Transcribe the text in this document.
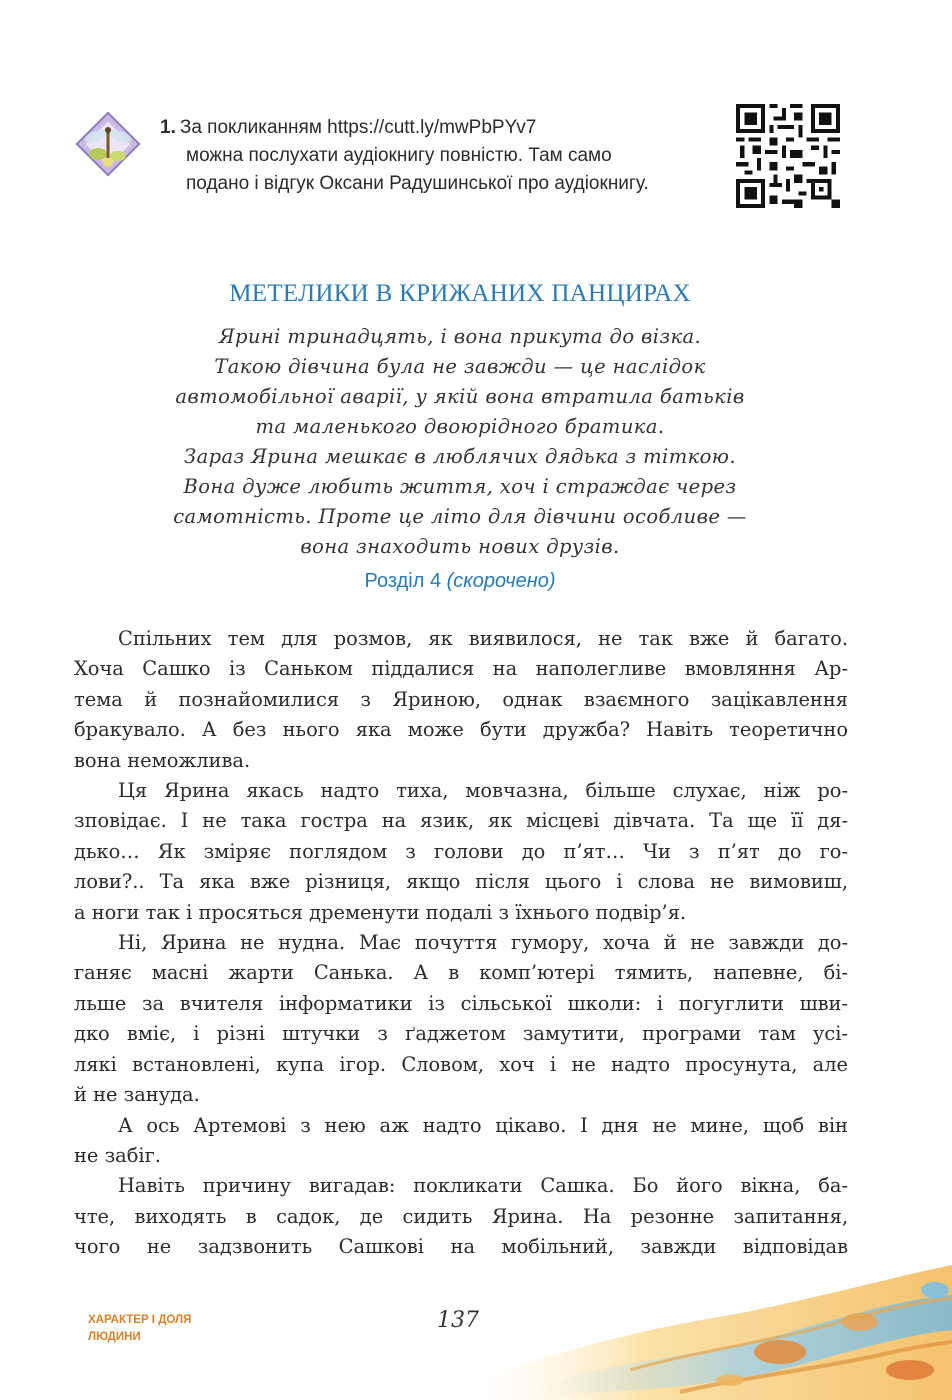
1. За покликанням https://cutt.ly/mwPbPYv7
можна послухати аудіокнигу повністю. Там само
подано і відгук Оксани Радушинської про аудіокнигу.
МЕТЕЛИКИ В КРИЖАНИХ ПАНЦИРАХ
Ярині тринадцять, і вона прикута до візка.
Такою дівчина була не завжди — це наслідок
автомобільної аварії, у якій вона втратила батьків
та маленького двоюрідного братика.
Зараз Ярина мешкає в люблячих дядька з тіткою.
Вона дуже любить життя, хоч і страждає через
самотність. Проте це літо для дівчини особливе —
вона знаходить нових друзів.
Розділ 4 (скорочено)
Спільних тем для розмов, як виявилося, не так вже й багато.
Хоча Сашко із Саньком піддалися на наполегливе вмовляння Ар-
тема й познайомилися з Яриною, однак взаємного зацікавлення
бракувало. А без нього яка може бути дружба? Навіть теоретично
вона неможлива.
Ця Ярина якась надто тиха, мовчазна, більше слухає, ніж ро-
зповідає. І не така гостра на язик, як місцеві дівчата. Та ще її дя-
дько… Як зміряє поглядом з голови до п’ят… Чи з п’ят до го-
лови?.. Та яка вже різниця, якщо після цього і слова не вимовиш,
а ноги так і просяться дременути подалі з їхнього подвір’я.
Ні, Ярина не нудна. Має почуття гумору, хоча й не завжди до-
ганяє масні жарти Санька. А в комп’ютері тямить, напевне, бі-
льше за вчителя інформатики із сільської школи: і погуглити шви-
дко вміє, і різні штучки з ґаджетом замутити, програми там усі-
лякі встановлені, купа ігор. Словом, хоч і не надто просунута, але
й не зануда.
А ось Артемові з нею аж надто цікаво. І дня не мине, щоб він
не забіг.
Навіть причину вигадав: покликати Сашка. Бо його вікна, ба-
чте, виходять в садок, де сидить Ярина. На резонне запитання,
чого не задзвонить Сашкові на мобільний, завжди відповідав
ХАРАКТЕР І ДОЛЯ
ЛЮДИНИ
137
